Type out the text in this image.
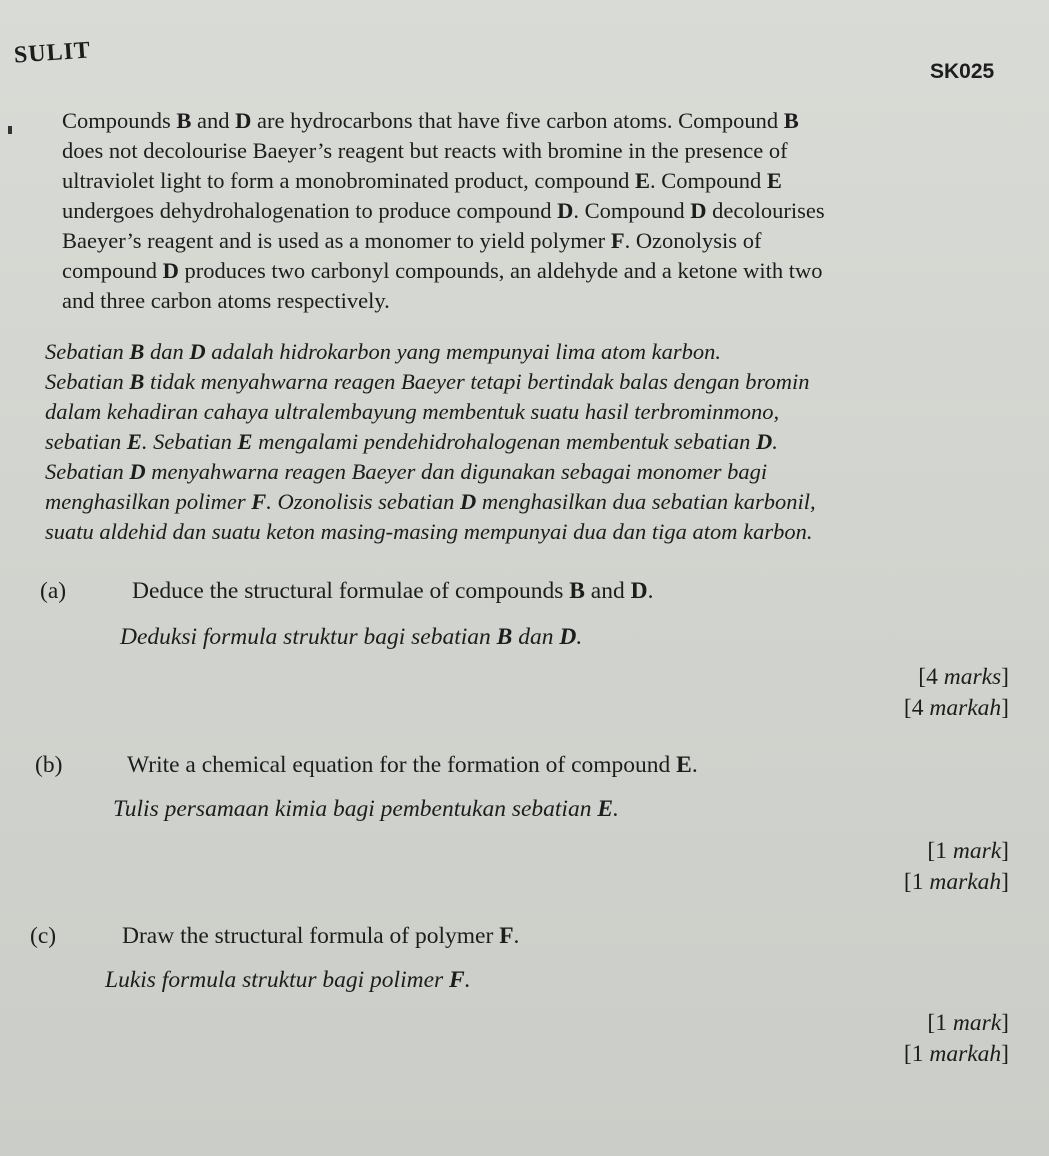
SULIT
SK025
Compounds B and D are hydrocarbons that have five carbon atoms. Compound B
does not decolourise Baeyer’s reagent but reacts with bromine in the presence of
ultraviolet light to form a monobrominated product, compound E. Compound E
undergoes dehydrohalogenation to produce compound D. Compound D decolourises
Baeyer’s reagent and is used as a monomer to yield polymer F. Ozonolysis of
compound D produces two carbonyl compounds, an aldehyde and a ketone with two
and three carbon atoms respectively.
Sebatian B dan D adalah hidrokarbon yang mempunyai lima atom karbon.
Sebatian B tidak menyahwarna reagen Baeyer tetapi bertindak balas dengan bromin
dalam kehadiran cahaya ultralembayung membentuk suatu hasil terbrominmono,
sebatian E. Sebatian E mengalami pendehidrohalogenan membentuk sebatian D.
Sebatian D menyahwarna reagen Baeyer dan digunakan sebagai monomer bagi
menghasilkan polimer F. Ozonolisis sebatian D menghasilkan dua sebatian karbonil,
suatu aldehid dan suatu keton masing-masing mempunyai dua dan tiga atom karbon.
(a)	Deduce the structural formulae of compounds B and D.
Deduksi formula struktur bagi sebatian B dan D.
[4 marks]
[4 markah]
(b)	Write a chemical equation for the formation of compound E.
Tulis persamaan kimia bagi pembentukan sebatian E.
[1 mark]
[1 markah]
(c)	Draw the structural formula of polymer F.
Lukis formula struktur bagi polimer F.
[1 mark]
[1 markah]
